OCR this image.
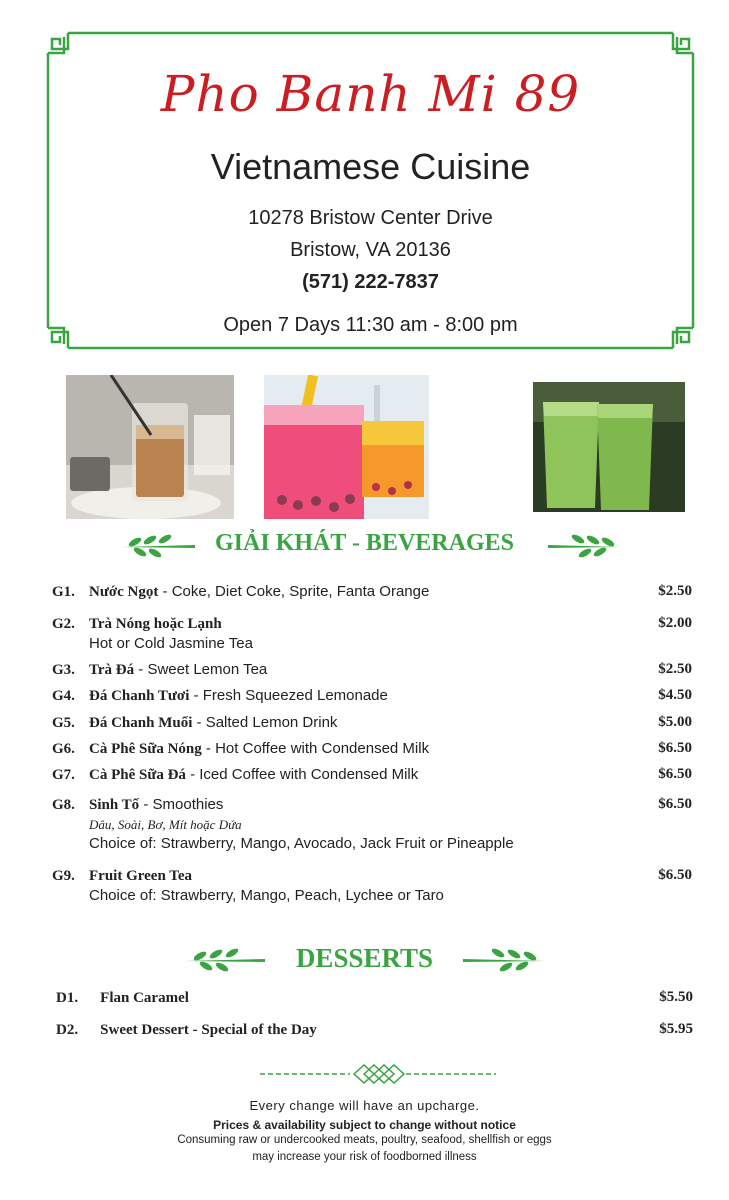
Pho Banh Mi 89
Vietnamese Cuisine
10278 Bristow Center Drive
Bristow, VA 20136
(571) 222-7837
Open 7 Days 11:30 am - 8:00 pm
GIẢI KHÁT - BEVERAGES
G1. Nước Ngọt - Coke, Diet Coke, Sprite, Fanta Orange	$2.50
G2. Trà Nóng hoặc Lạnh
Hot or Cold Jasmine Tea
$2.00
G3. Trà Đá - Sweet Lemon Tea	$2.50
G4. Đá Chanh Tươi - Fresh Squeezed Lemonade	$4.50
G5. Đá Chanh Muối - Salted Lemon Drink	$5.00
G6. Cà Phê Sữa Nóng - Hot Coffee with Condensed Milk	$6.50
G7. Cà Phê Sữa Đá - Iced Coffee with Condensed Milk	$6.50
G8. Sinh Tố - Smoothies
Dâu, Soài, Bơ, Mít hoặc Dứa
Choice of: Strawberry, Mango, Avocado, Jack Fruit or Pineapple
$6.50
G9. Fruit Green Tea
Choice of: Strawberry, Mango, Peach, Lychee or Taro
$6.50
DESSERTS
D1. Flan Caramel	$5.50
D2. Sweet Dessert - Special of the Day	$5.95
Every change will have an upcharge.
Prices & availability subject to change without notice
Consuming raw or undercooked meats, poultry, seafood, shellfish or eggs
may increase your risk of foodborned illness
